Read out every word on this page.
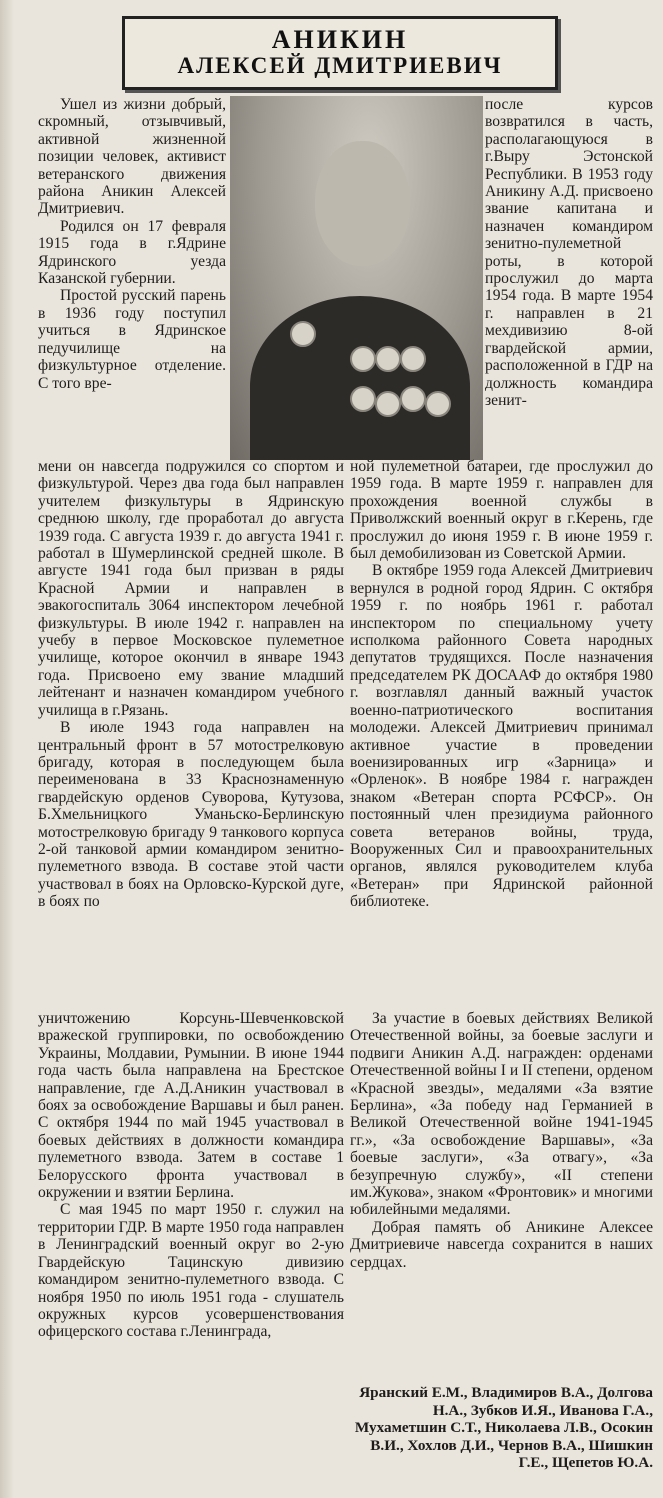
АНИКИН
АЛЕКСЕЙ ДМИТРИЕВИЧ

Ушел из жизни добрый, скромный, отзывчивый, активной жизненной позиции человек, активист ветеранского движения района Аникин Алексей Дмитриевич.

Родился он 17 февраля 1915 года в г.Ядрине Ядринского уезда Казанской губернии.

Простой русский парень в 1936 году поступил учиться в Ядринское педучилище на физкультурное отделение. С того вре-

после курсов возвратился в часть, располагающуюся в г.Выру Эстонской Республики. В 1953 году Аникину А.Д. присвоено звание капитана и назначен командиром зенитно-пулеметной роты, в которой прослужил до марта 1954 года. В марте 1954 г. направлен в 21 мехдивизию 8-ой гвардейской армии, расположенной в ГДР на должность командира зенит-

мени он навсегда подружился со спортом и физкультурой. Через два года был направлен учителем физкультуры в Ядринскую среднюю школу, где проработал до августа 1939 года. С августа 1939 г. до августа 1941 г. работал в Шумерлинской средней школе. В августе 1941 года был призван в ряды Красной Армии и направлен в эвакогоспиталь 3064 инспектором лечебной физкультуры. В июле 1942 г. направлен на учебу в первое Московское пулеметное училище, которое окончил в январе 1943 года. Присвоено ему звание младший лейтенант и назначен командиром учебного училища в г.Рязань.

В июле 1943 года направлен на центральный фронт в 57 мотострелковую бригаду, которая в последующем была переименована в 33 Краснознаменную гвардейскую орденов Суворова, Кутузова, Б.Хмельницкого Уманьско-Берлинскую мотострелковую бригаду 9 танкового корпуса 2-ой танковой армии командиром зенитно-пулеметного взвода. В составе этой части участвовал в боях на Орловско-Курской дуге, в боях по

ной пулеметной батареи, где прослужил до 1959 года. В марте 1959 г. направлен для прохождения военной службы в Приволжский военный округ в г.Керень, где прослужил до июня 1959 г. В июне 1959 г. был демобилизован из Советской Армии.

В октябре 1959 года Алексей Дмитриевич вернулся в родной город Ядрин. С октября 1959 г. по ноябрь 1961 г. работал инспектором по специальному учету исполкома районного Совета народных депутатов трудящихся. После назначения председателем РК ДОСААФ до октября 1980 г. возглавлял данный важный участок военно-патриотического воспитания молодежи. Алексей Дмитриевич принимал активное участие в проведении военизированных игр «Зарница» и «Орленок». В ноябре 1984 г. награжден знаком «Ветеран спорта РСФСР». Он постоянный член президиума районного совета ветеранов войны, труда, Вооруженных Сил и правоохранительных органов, являлся руководителем клуба «Ветеран» при Ядринской районной библиотеке.

уничтожению Корсунь-Шевченковской вражеской группировки, по освобождению Украины, Молдавии, Румынии. В июне 1944 года часть была направлена на Брестское направление, где А.Д.Аникин участвовал в боях за освобождение Варшавы и был ранен. С октября 1944 по май 1945 участвовал в боевых действиях в должности командира пулеметного взвода. Затем в составе 1 Белорусского фронта участвовал в окружении и взятии Берлина.

С мая 1945 по март 1950 г. служил на территории ГДР. В марте 1950 года направлен в Ленинградский военный округ во 2-ую Гвардейскую Тацинскую дивизию командиром зенитно-пулеметного взвода. С ноября 1950 по июль 1951 года - слушатель окружных курсов усовершенствования офицерского состава г.Ленинграда,

За участие в боевых действиях Великой Отечественной войны, за боевые заслуги и подвиги Аникин А.Д. награжден: орденами Отечественной войны I и II степени, орденом «Красной звезды», медалями «За взятие Берлина», «За победу над Германией в Великой Отечественной войне 1941-1945 гг.», «За освобождение Варшавы», «За боевые заслуги», «За отвагу», «За безупречную службу», «II степени им.Жукова», знаком «Фронтовик» и многими юбилейными медалями.

Добрая память об Аникине Алексее Дмитриевиче навсегда сохранится в наших сердцах.

Яранский Е.М., Владимиров В.А., Долгова Н.А., Зубков И.Я., Иванова Г.А., Мухаметшин С.Т., Николаева Л.В., Осокин В.И., Хохлов Д.И., Чернов В.А., Шишкин Г.Е., Щепетов Ю.А.
